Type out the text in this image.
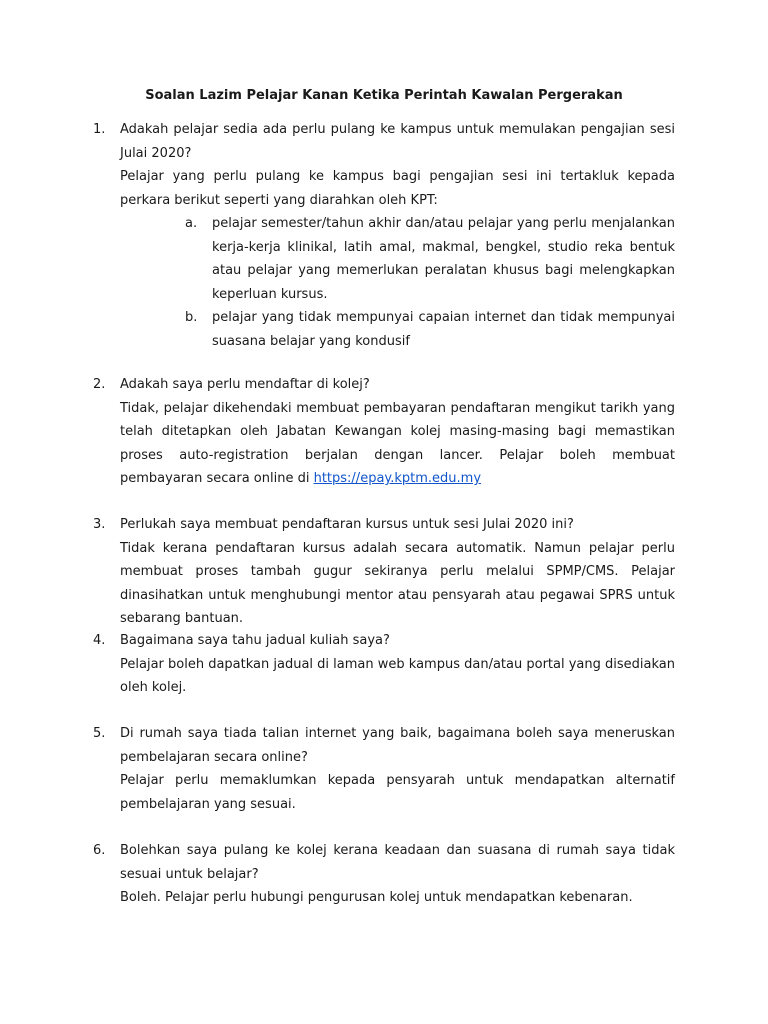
Soalan Lazim Pelajar Kanan Ketika Perintah Kawalan Pergerakan
1. Adakah pelajar sedia ada perlu pulang ke kampus untuk memulakan pengajian sesi Julai 2020?

Pelajar yang perlu pulang ke kampus bagi pengajian sesi ini tertakluk kepada perkara berikut seperti yang diarahkan oleh KPT:

a. pelajar semester/tahun akhir dan/atau pelajar yang perlu menjalankan kerja-kerja klinikal, latih amal, makmal, bengkel, studio reka bentuk atau pelajar yang memerlukan peralatan khusus bagi melengkapkan keperluan kursus.
b. pelajar yang tidak mempunyai capaian internet dan tidak mempunyai suasana belajar yang kondusif
2. Adakah saya perlu mendaftar di kolej?

Tidak, pelajar dikehendaki membuat pembayaran pendaftaran mengikut tarikh yang telah ditetapkan oleh Jabatan Kewangan kolej masing-masing bagi memastikan proses auto-registration berjalan dengan lancer. Pelajar boleh membuat pembayaran secara online di https://epay.kptm.edu.my

3. Perlukah saya membuat pendaftaran kursus untuk sesi Julai 2020 ini?

Tidak kerana pendaftaran kursus adalah secara automatik. Namun pelajar perlu membuat proses tambah gugur sekiranya perlu melalui SPMP/CMS. Pelajar dinasihatkan untuk menghubungi mentor atau pensyarah atau pegawai SPRS untuk sebarang bantuan.

4. Bagaimana saya tahu jadual kuliah saya?

Pelajar boleh dapatkan jadual di laman web kampus dan/atau portal yang disediakan oleh kolej.

5. Di rumah saya tiada talian internet yang baik, bagaimana boleh saya meneruskan pembelajaran secara online?

Pelajar perlu memaklumkan kepada pensyarah untuk mendapatkan alternatif pembelajaran yang sesuai.

6. Bolehkan saya pulang ke kolej kerana keadaan dan suasana di rumah saya tidak sesuai untuk belajar?

Boleh. Pelajar perlu hubungi pengurusan kolej untuk mendapatkan kebenaran.
